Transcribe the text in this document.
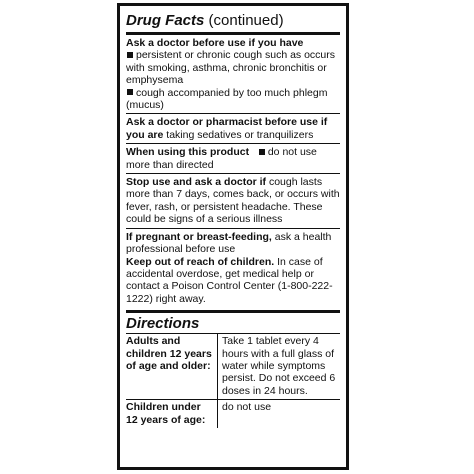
Drug Facts (continued)
Ask a doctor before use if you have
persistent or chronic cough such as occurs with smoking, asthma, chronic bronchitis or emphysema
cough accompanied by too much phlegm (mucus)
Ask a doctor or pharmacist before use if you are taking sedatives or tranquilizers
When using this product do not use more than directed
Stop use and ask a doctor if cough lasts more than 7 days, comes back, or occurs with fever, rash, or persistent headache. These could be signs of a serious illness
If pregnant or breast-feeding, ask a health professional before use
Keep out of reach of children. In case of accidental overdose, get medical help or contact a Poison Control Center (1-800-222-1222) right away.
Directions
Adults and children 12 years of age and older:	Take 1 tablet every 4 hours with a full glass of water while symptoms persist. Do not exceed 6 doses in 24 hours.
Children under 12 years of age:	do not use
